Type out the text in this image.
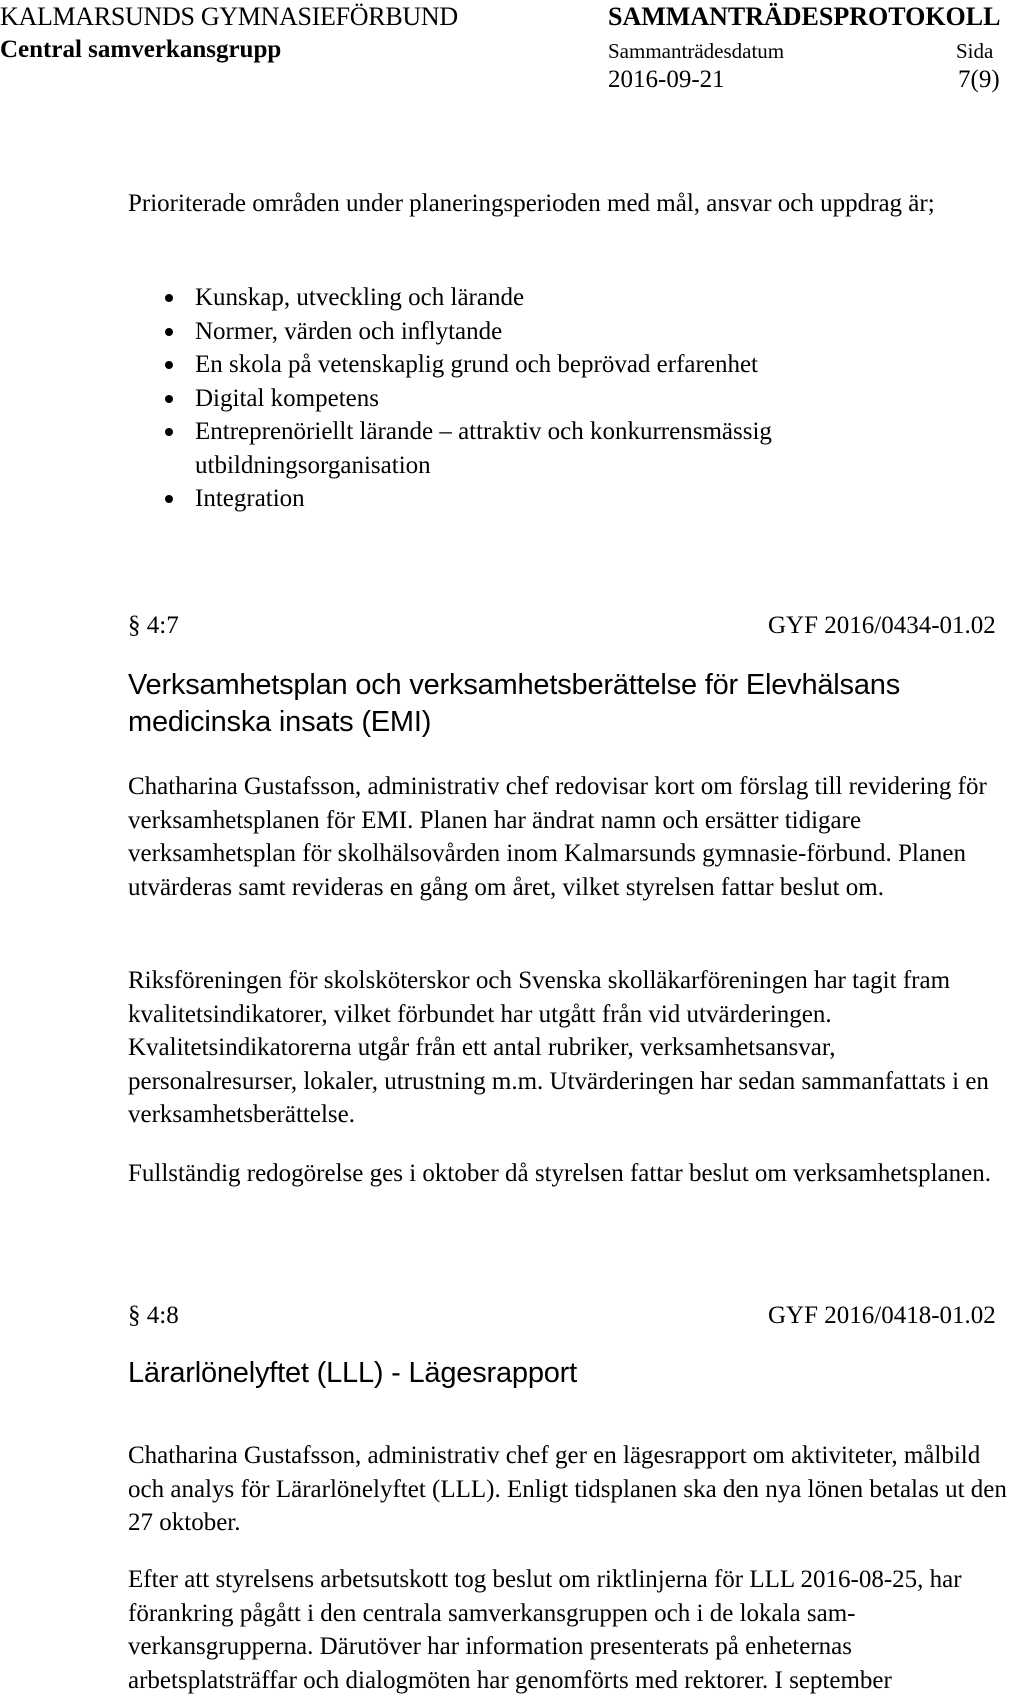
KALMARSUNDS GYMNASIEFÖRBUND
Central samverkansgrupp
SAMMANTRÄDESPROTOKOLL
Sammanträdesdatum
2016-09-21
Sida
7(9)
Prioriterade områden under planeringsperioden med mål, ansvar och uppdrag är;
Kunskap, utveckling och lärande
Normer, värden och inflytande
En skola på vetenskaplig grund och beprövad erfarenhet
Digital kompetens
Entreprenöriellt lärande – attraktiv och konkurrensmässig utbildningsorganisation
Integration
§ 4:7	GYF 2016/0434-01.02
Verksamhetsplan och verksamhetsberättelse för Elevhälsans medicinska insats (EMI)
Chatharina Gustafsson, administrativ chef redovisar kort om förslag till revidering för verksamhetsplanen för EMI. Planen har ändrat namn och ersätter tidigare verksamhetsplan för skolhälsovården inom Kalmarsunds gymnasie-förbund. Planen utvärderas samt revideras en gång om året, vilket styrelsen fattar beslut om.
Riksföreningen för skolsköterskor och Svenska skolläkarföreningen har tagit fram kvalitetsindikatorer, vilket förbundet har utgått från vid utvärderingen. Kvalitetsindikatorerna utgår från ett antal rubriker, verksamhetsansvar, personalresurser, lokaler, utrustning m.m. Utvärderingen har sedan sammanfattats i en verksamhetsberättelse.
Fullständig redogörelse ges i oktober då styrelsen fattar beslut om verksamhetsplanen.
§ 4:8	GYF 2016/0418-01.02
Lärarlönelyftet (LLL) - Lägesrapport
Chatharina Gustafsson, administrativ chef ger en lägesrapport om aktiviteter, målbild och analys för Lärarlönelyftet (LLL). Enligt tidsplanen ska den nya lönen betalas ut den 27 oktober.
Efter att styrelsens arbetsutskott tog beslut om riktlinjerna för LLL 2016-08-25, har förankring pågått i den centrala samverkansgruppen och i de lokala sam-verkansgrupperna. Därutöver har information presenterats på enheternas arbetsplatsträffar och dialogmöten har genomförts med rektorer. I september
